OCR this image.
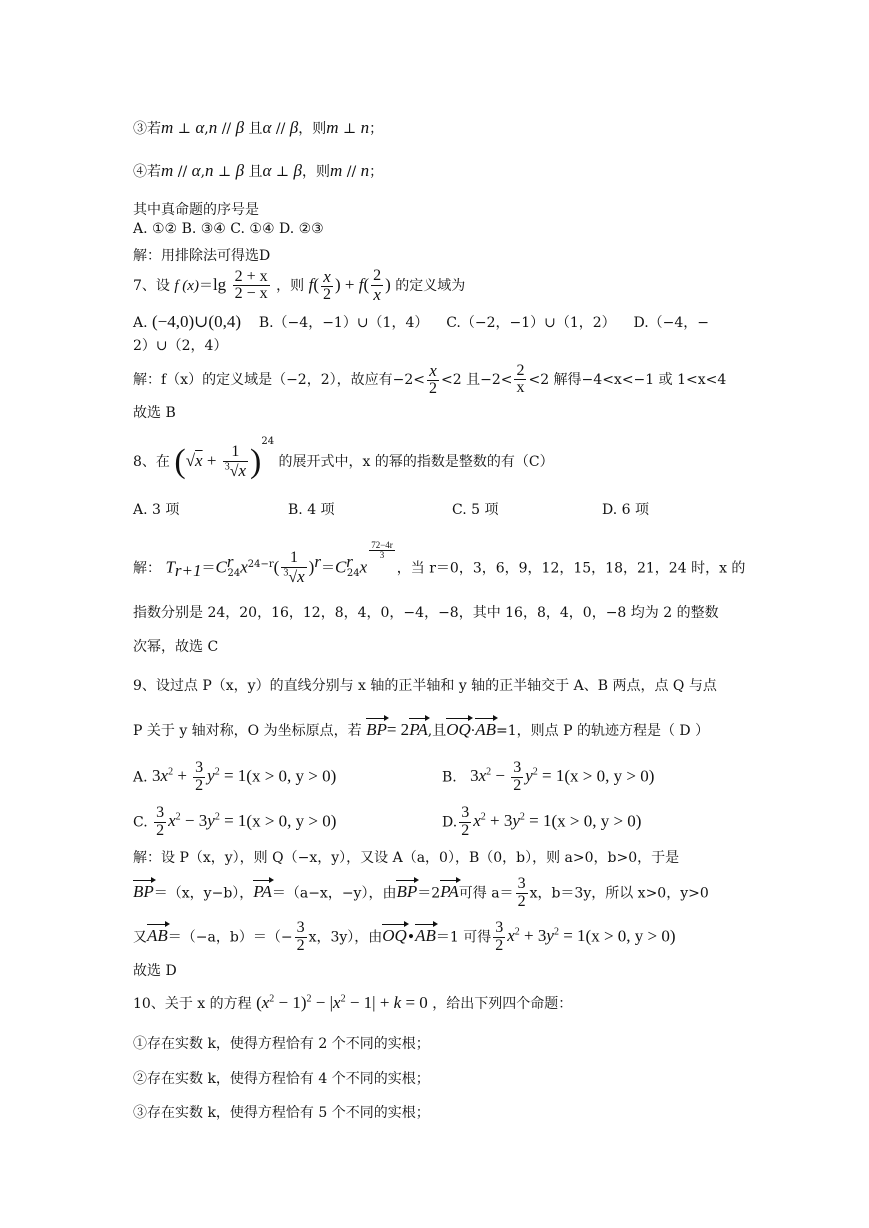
③若m ⊥ α,n // β 且α // β，则m ⊥ n；
④若m // α,n ⊥ β 且α ⊥ β，则m // n；
其中真命题的序号是
A. ①② B. ③④ C. ①④ D. ②③
解：用排除法可得选D
7、设 f $(x)=\lg \frac{2 + x}{2 - x}$ ，则 $f( \frac{x}{2}$ ) + $f( \frac{2}{x}$ ) 的定义域为
A. (−4,0)∪(0,4) B.（−4，−1）∪（1，4） C.（−2，−1）∪（1，2） D.（−4，−
2）∪（2，4）
解：f（x）的定义域是（−2，2），故应有$-2< \frac{x}{2} <2$ 且$-2< \frac{2}{x} <2$ 解得−4<x<−1 或 1<x<4
故选 B
8、在 $(√x + \frac{1}{^3√x} )^{24}$ 的展开式中，x 的幂的指数是整数的有（C）
A. 3 项	B. 4 项	C. 5 项	D. 6 项
解： $T_{r+1}=C^r_{24}x^{24-r}( \frac{1}{^3√x} )^r=C^r_{24}x$
$\frac{72-4r}{3}$
，当 r＝0，3，6，9，12，15，18，21，24 时，x 的
指数分别是 24，20，16，12，8，4，0，−4，−8，其中 16，8，4，0，−8 均为 2 的整数
次幂，故选 C
9、设过点 P（x，y）的直线分别与 x 轴的正半轴和 y 轴的正半轴交于 A、B 两点，点 Q 与点
P 关于 y 轴对称，O 为坐标原点，若 BP= 2PA,且OQ·AB=1，则点 P 的轨迹方程是（ D ）
A. $3x^2 + \frac{3}{2} y^2 = 1(x > 0$, y > 0)	B. $3x^2 - \frac{3}{2} y^2 = 1(x > 0$, y > 0)
C. $\frac{3}{2} x^2 - 3y^2 = 1(x > 0$, y > 0)	D. $\frac{3}{2} x^2 + 3y^2 = 1(x > 0$, y > 0)
解：设 P（x，y），则 Q（−x，y），又设 A（a，0），B（0，b），则 a>0，b>0，于是
BP＝（x，y−b），PA＝（a−x，−y），由BP＝2PA可得 $a= \frac{3}{2}$ x，b＝3y，所以 x>0，y>0
又AB＝（−a，$b)=(- \frac{3}{2}$ x，3y），由OQ•AB＝1 可得 $\frac{3}{2} x^2 + 3y^2 = 1(x > 0$, y > 0)
故选 D
10、关于 x 的方程 $(x^2 - 1)^2 - |x^2 - 1| + k = 0$ ，给出下列四个命题：
①存在实数 k，使得方程恰有 2 个不同的实根；
②存在实数 k，使得方程恰有 4 个不同的实根；
③存在实数 k，使得方程恰有 5 个不同的实根；
